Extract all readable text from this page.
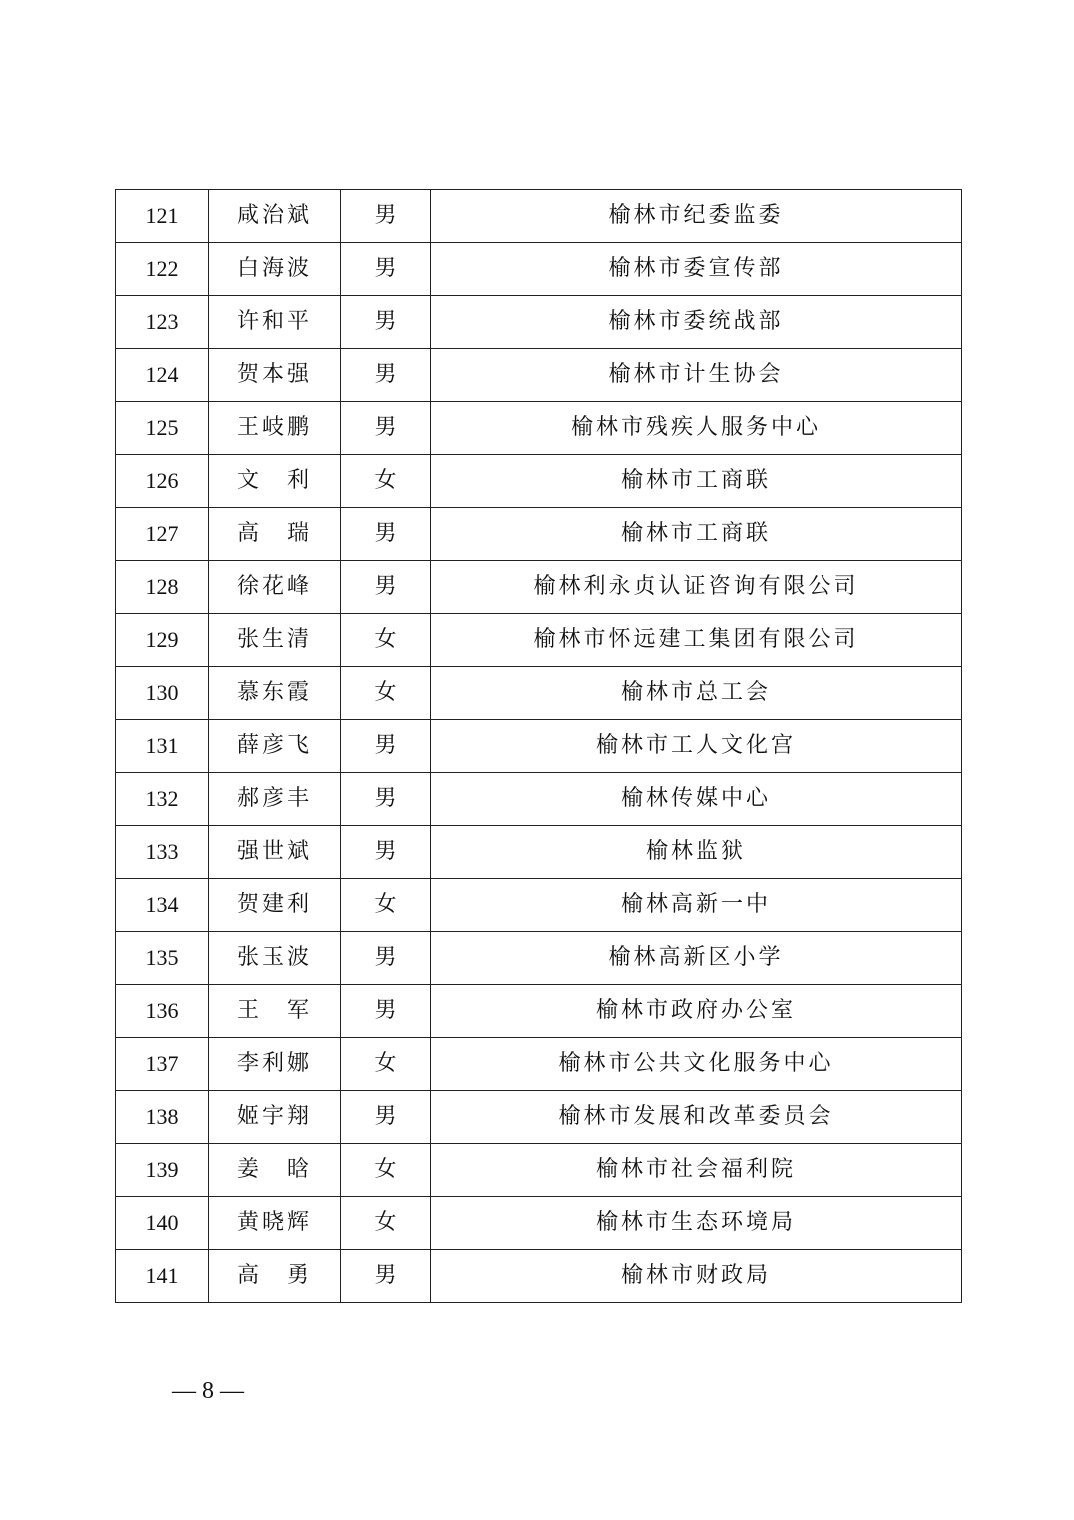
121	咸治斌	男	榆林市纪委监委
122	白海波	男	榆林市委宣传部
123	许和平	男	榆林市委统战部
124	贺本强	男	榆林市计生协会
125	王岐鹏	男	榆林市残疾人服务中心
126	文　利	女	榆林市工商联
127	高　瑞	男	榆林市工商联
128	徐花峰	男	榆林利永贞认证咨询有限公司
129	张生清	女	榆林市怀远建工集团有限公司
130	慕东霞	女	榆林市总工会
131	薛彦飞	男	榆林市工人文化宫
132	郝彦丰	男	榆林传媒中心
133	强世斌	男	榆林监狱
134	贺建利	女	榆林高新一中
135	张玉波	男	榆林高新区小学
136	王　军	男	榆林市政府办公室
137	李利娜	女	榆林市公共文化服务中心
138	姬宇翔	男	榆林市发展和改革委员会
139	姜　晗	女	榆林市社会福利院
140	黄晓辉	女	榆林市生态环境局
141	高　勇	男	榆林市财政局
— 8 —
